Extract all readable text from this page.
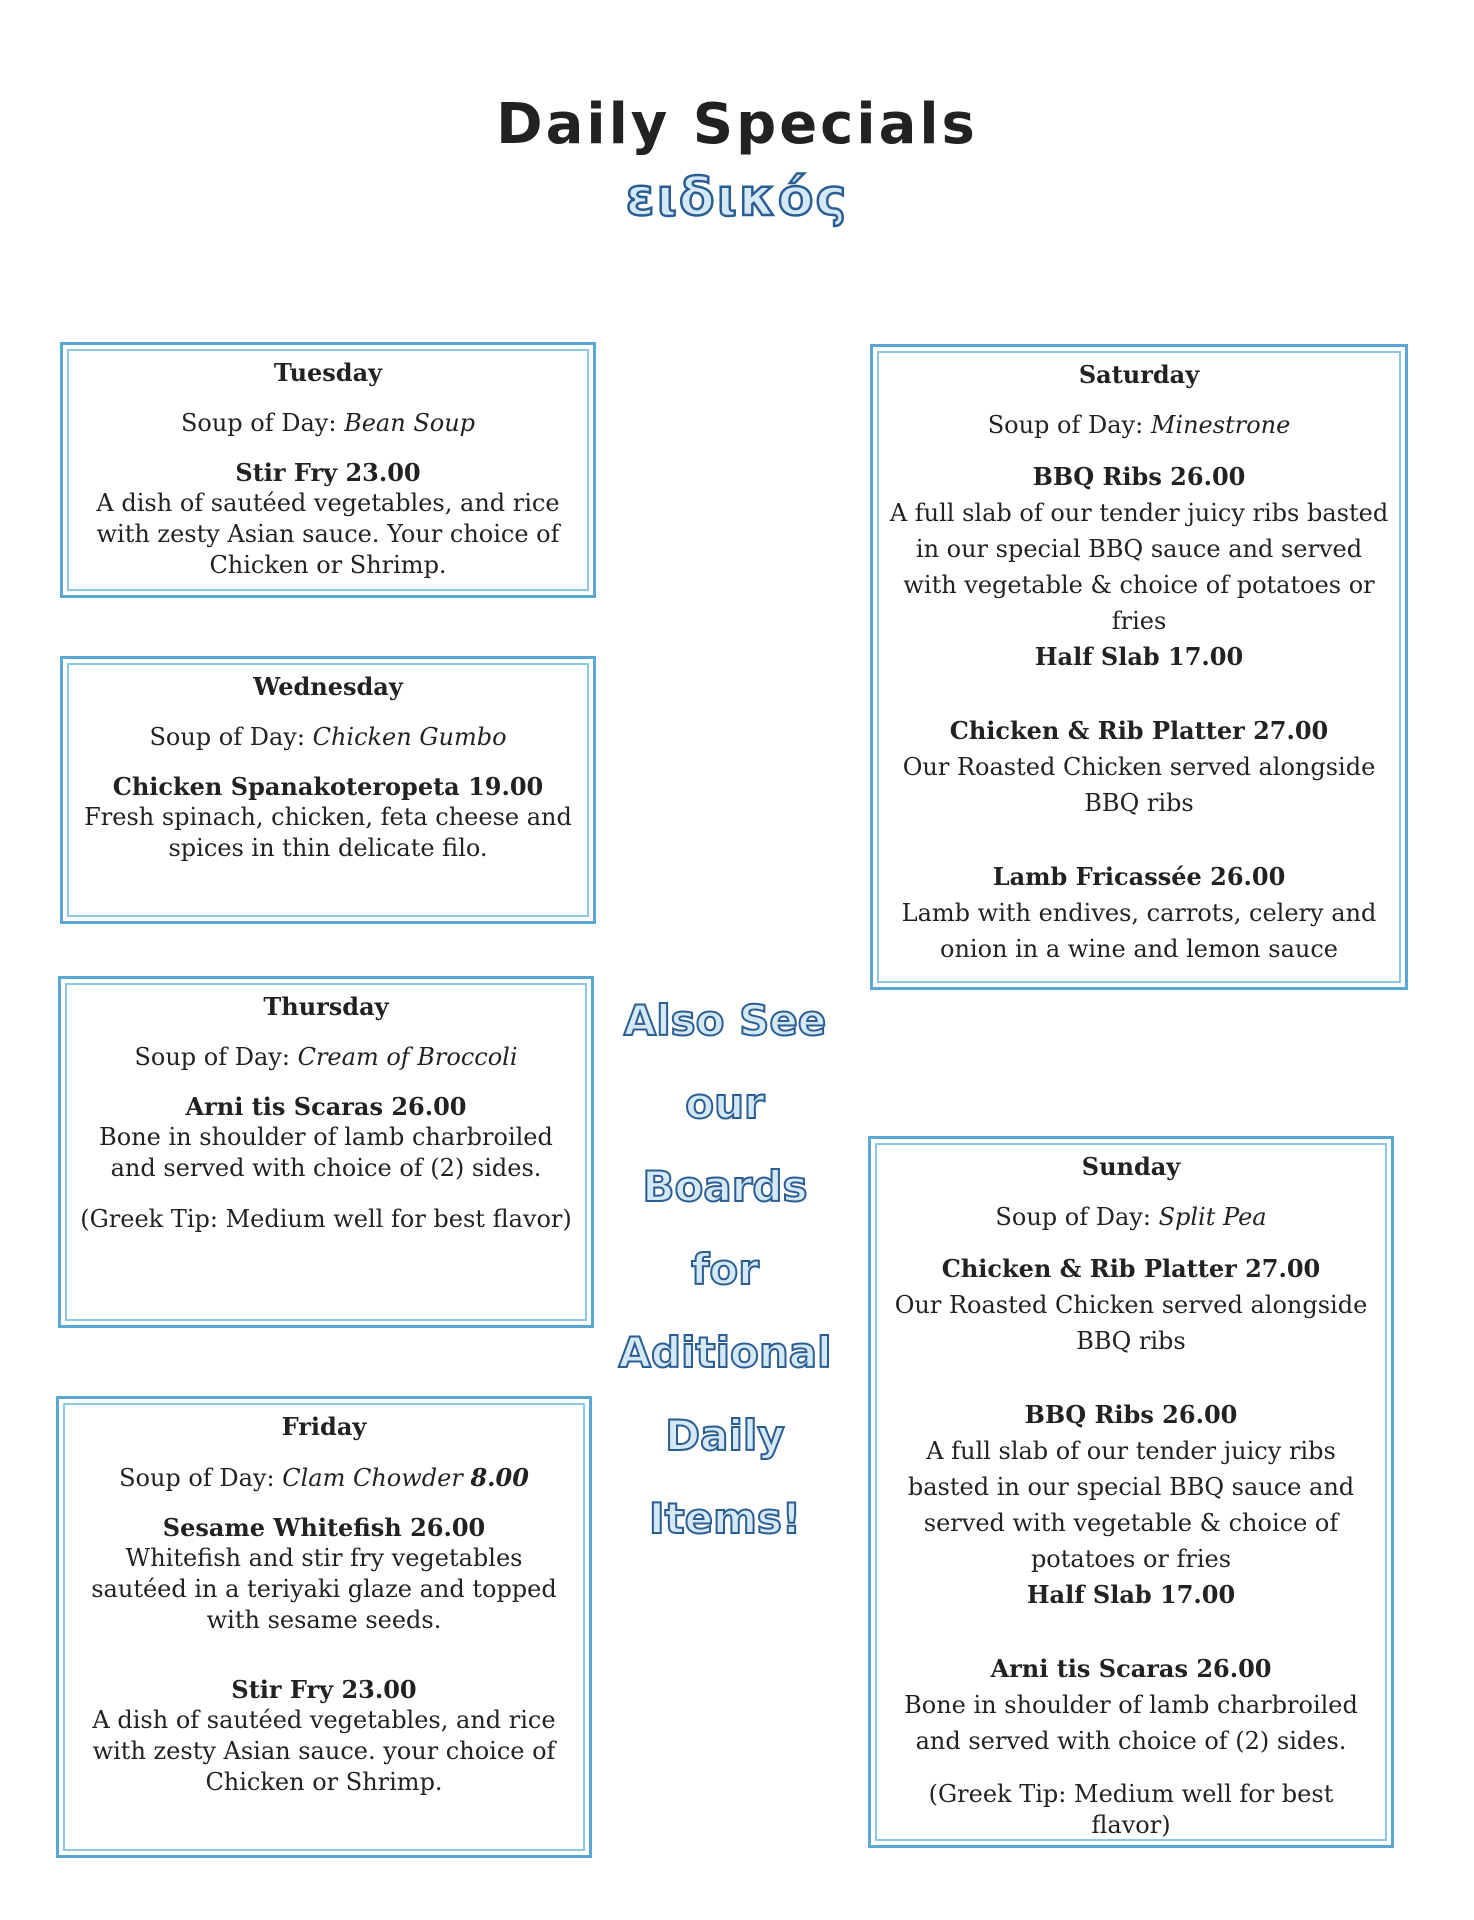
Daily Specials
ειδικός
Tuesday
Soup of Day: Bean Soup
Stir Fry 23.00
A dish of sautéed vegetables, and rice with zesty Asian sauce. Your choice of Chicken or Shrimp.
Wednesday
Soup of Day: Chicken Gumbo
Chicken Spanakoteropeta 19.00
Fresh spinach, chicken, feta cheese and spices in thin delicate filo.
Thursday
Soup of Day: Cream of Broccoli
Arni tis Scaras 26.00
Bone in shoulder of lamb charbroiled and served with choice of (2) sides.
(Greek Tip: Medium well for best flavor)
Friday
Soup of Day: Clam Chowder 8.00
Sesame Whitefish 26.00
Whitefish and stir fry vegetables sautéed in a teriyaki glaze and topped with sesame seeds.
Stir Fry 23.00
A dish of sautéed vegetables, and rice with zesty Asian sauce. your choice of Chicken or Shrimp.
Saturday
Soup of Day: Minestrone
BBQ Ribs 26.00
A full slab of our tender juicy ribs basted in our special BBQ sauce and served with vegetable & choice of potatoes or fries
Half Slab 17.00
Chicken & Rib Platter 27.00
Our Roasted Chicken served alongside BBQ ribs
Lamb Fricassée 26.00
Lamb with endives, carrots, celery and onion in a wine and lemon sauce
Sunday
Soup of Day: Split Pea
Chicken & Rib Platter 27.00
Our Roasted Chicken served alongside BBQ ribs
BBQ Ribs 26.00
A full slab of our tender juicy ribs basted in our special BBQ sauce and served with vegetable & choice of potatoes or fries
Half Slab 17.00
Arni tis Scaras 26.00
Bone in shoulder of lamb charbroiled and served with choice of (2) sides.
(Greek Tip: Medium well for best flavor)
Also See
our
Boards
for
Aditional
Daily
Items!
